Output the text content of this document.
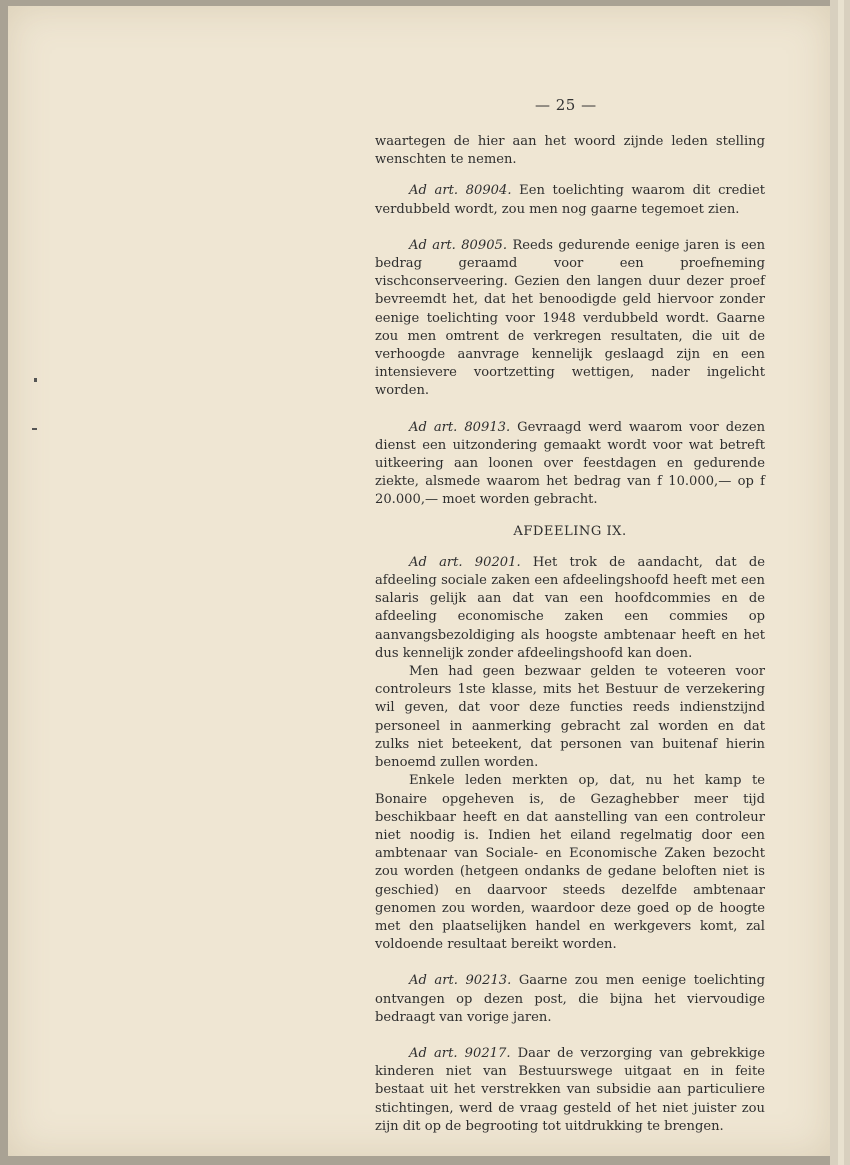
— 25 —

waartegen de hier aan het woord zijnde leden stelling wenschten te nemen.

Ad art. 80904. Een toelichting waarom dit crediet verdubbeld wordt, zou men nog gaarne tegemoet zien.

Ad art. 80905. Reeds gedurende eenige jaren is een bedrag geraamd voor een proefneming vischconserveering. Gezien den langen duur dezer proef bevreemdt het, dat het benoodigde geld hiervoor zonder eenige toelichting voor 1948 verdubbeld wordt. Gaarne zou men omtrent de verkregen resultaten, die uit de verhoogde aanvrage kennelijk geslaagd zijn en een intensievere voortzetting wettigen, nader ingelicht worden.

Ad art. 80913. Gevraagd werd waarom voor dezen dienst een uitzondering gemaakt wordt voor wat betreft uitkeering aan loonen over feestdagen en gedurende ziekte, alsmede waarom het bedrag van f 10.000,— op f 20.000,— moet worden gebracht.

AFDEELING IX.

Ad art. 90201. Het trok de aandacht, dat de afdeeling sociale zaken een afdeelingshoofd heeft met een salaris gelijk aan dat van een hoofdcommies en de afdeeling economische zaken een commies op aanvangsbezoldiging als hoogste ambtenaar heeft en het dus kennelijk zonder afdeelingshoofd kan doen.

Men had geen bezwaar gelden te voteeren voor controleurs 1ste klasse, mits het Bestuur de verzekering wil geven, dat voor deze functies reeds indienstzijnd personeel in aanmerking gebracht zal worden en dat zulks niet beteekent, dat personen van buitenaf hierin benoemd zullen worden.

Enkele leden merkten op, dat, nu het kamp te Bonaire opgeheven is, de Gezaghebber meer tijd beschikbaar heeft en dat aanstelling van een controleur niet noodig is. Indien het eiland regelmatig door een ambtenaar van Sociale- en Economische Zaken bezocht zou worden (hetgeen ondanks de gedane beloften niet is geschied) en daarvoor steeds dezelfde ambtenaar genomen zou worden, waardoor deze goed op de hoogte met den plaatselijken handel en werkgevers komt, zal voldoende resultaat bereikt worden.

Ad art. 90213. Gaarne zou men eenige toelichting ontvangen op dezen post, die bijna het viervoudige bedraagt van vorige jaren.

Ad art. 90217. Daar de verzorging van gebrekkige kinderen niet van Bestuurswege uitgaat en in feite bestaat uit het verstrekken van subsidie aan particuliere stichtingen, werd de vraag gesteld of het niet juister zou zijn dit op de begrooting tot uitdrukking te brengen.
